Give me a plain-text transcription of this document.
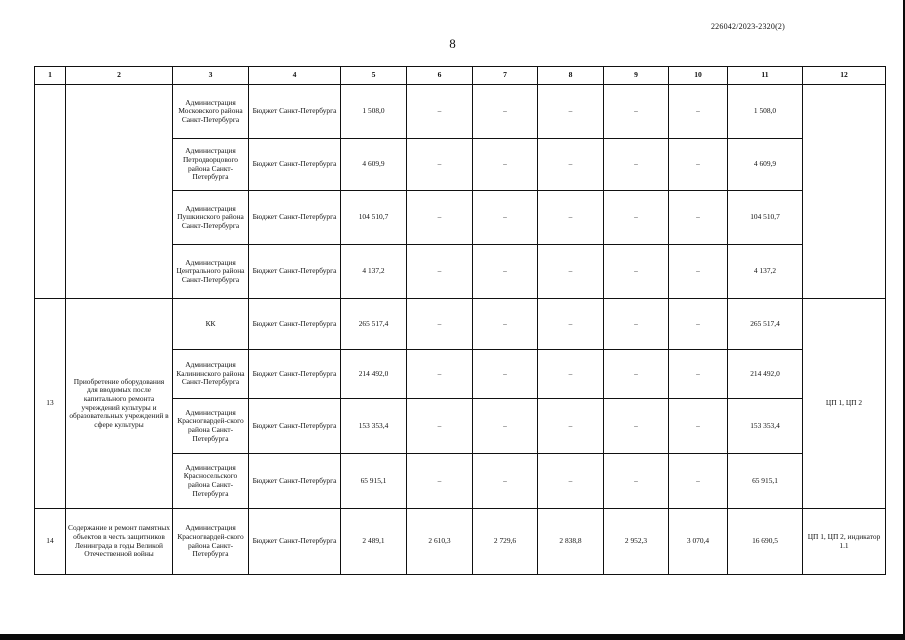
226042/2023-2320(2)
8
1	2	3	4	5	6	7	8	9	10	11	12
		Администрация Московского района Санкт-Петербурга	Бюджет Санкт-Петербурга	1 508,0	–	–	–	–	–	1 508,0	
		Администрация Петродворцового района Санкт-Петербурга	Бюджет Санкт-Петербурга	4 609,9	–	–	–	–	–	4 609,9	
		Администрация Пушкинского района Санкт-Петербурга	Бюджет Санкт-Петербурга	104 510,7	–	–	–	–	–	104 510,7	
		Администрация Центрального района Санкт-Петербурга	Бюджет Санкт-Петербурга	4 137,2	–	–	–	–	–	4 137,2	
13	Приобретение оборудования для вводимых после капитального ремонта учреждений культуры и образовательных учреждений в сфере культуры	КК	Бюджет Санкт-Петербурга	265 517,4	–	–	–	–	–	265 517,4	ЦП 1, ЦП 2
		Администрация Калининского района Санкт-Петербурга	Бюджет Санкт-Петербурга	214 492,0	–	–	–	–	–	214 492,0	
		Администрация Красногвардей-ского района Санкт-Петербурга	Бюджет Санкт-Петербурга	153 353,4	–	–	–	–	–	153 353,4	
		Администрация Красносельского района Санкт-Петербурга	Бюджет Санкт-Петербурга	65 915,1	–	–	–	–	–	65 915,1	
14	Содержание и ремонт памятных объектов в честь защитников Ленинграда в годы Великой Отечественной войны	Администрация Красногвардей-ского района Санкт-Петербурга	Бюджет Санкт-Петербурга	2 489,1	2 610,3	2 729,6	2 838,8	2 952,3	3 070,4	16 690,5	ЦП 1, ЦП 2, индикатор 1.1
